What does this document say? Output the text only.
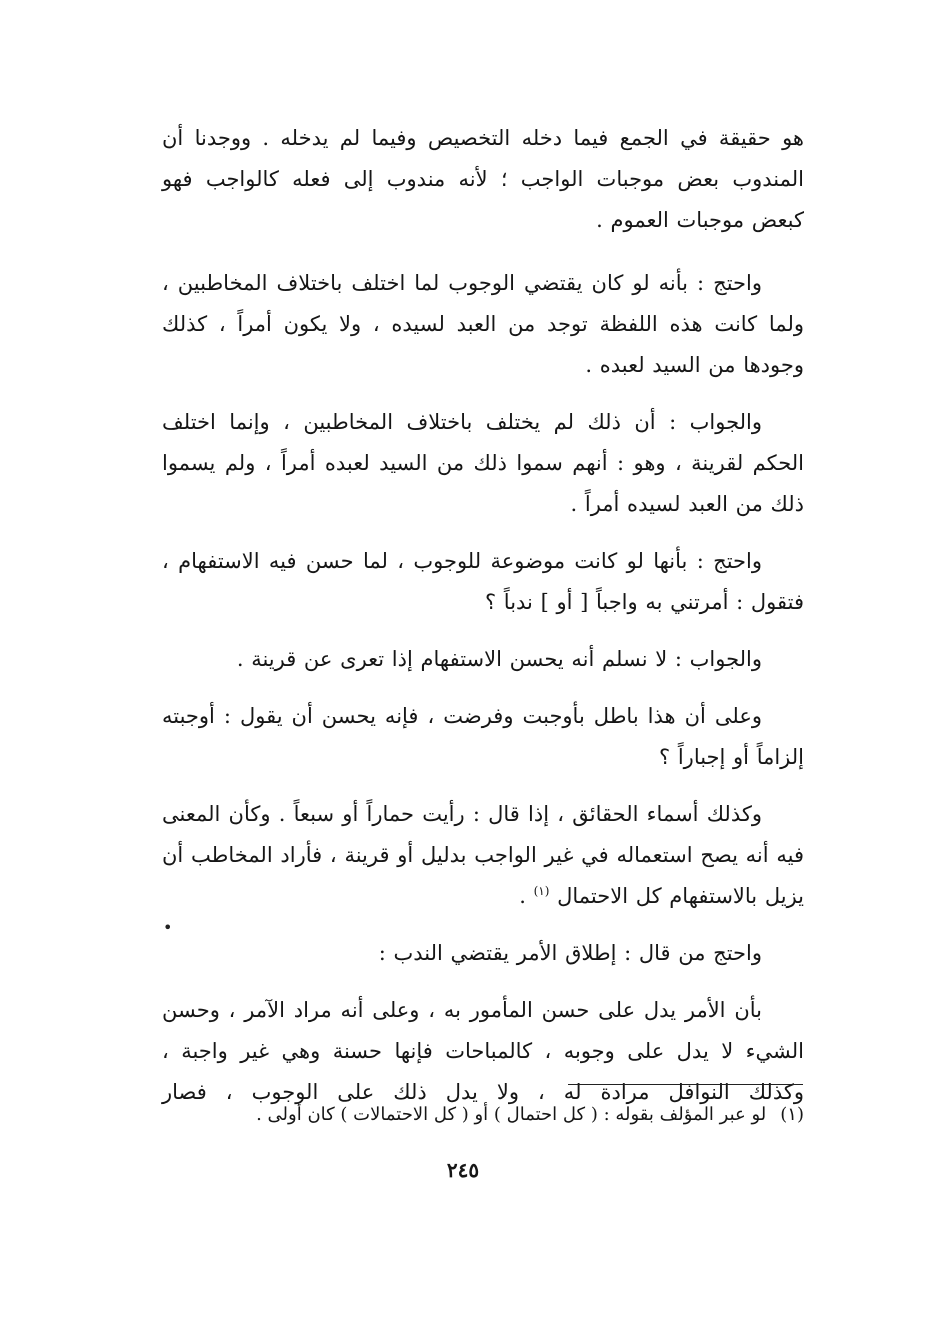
هو حقيقة في الجمع فيما دخله التخصيص وفيما لم يدخله . ووجدنا أن المندوب بعض موجبات الواجب ؛ لأنه مندوب إلى فعله كالواجب فهو كبعض موجبات العموم .

واحتج : بأنه لو كان يقتضي الوجوب لما اختلف باختلاف المخاطبين ، ولما كانت هذه اللفظة توجد من العبد لسيده ، ولا يكون أمراً ، كذلك وجودها من السيد لعبده .

والجواب : أن ذلك لم يختلف باختلاف المخاطبين ، وإنما اختلف الحكم لقرينة ، وهو : أنهم سموا ذلك من السيد لعبده أمراً ، ولم يسموا ذلك من العبد لسيده أمراً .

واحتج : بأنها لو كانت موضوعة للوجوب ، لما حسن فيه الاستفهام ، فتقول : أمرتني به واجباً [ أو ] ندباً ؟

والجواب : لا نسلم أنه يحسن الاستفهام إذا تعرى عن قرينة .

وعلى أن هذا باطل بأوجبت وفرضت ، فإنه يحسن أن يقول : أوجبته إلزاماً أو إجباراً ؟

وكذلك أسماء الحقائق ، إذا قال : رأيت حماراً أو سبعاً . وكأن المعنى فيه أنه يصح استعماله في غير الواجب بدليل أو قرينة ، فأراد المخاطب أن يزيل بالاستفهام كل الاحتمال $^{(١)}$ .

واحتج من قال : إطلاق الأمر يقتضي الندب :

بأن الأمر يدل على حسن المأمور به ، وعلى أنه مراد الآمر ، وحسن الشيء لا يدل على وجوبه ، كالمباحات فإنها حسنة وهي غير واجبة ، وكذلك النوافل مرادة له ، ولا يدل ذلك على الوجوب ، فصار

•
(١)لو عبر المؤلف بقوله : ( كل احتمال ) أو ( كل الاحتمالات ) كان أولى .
٢٤٥
